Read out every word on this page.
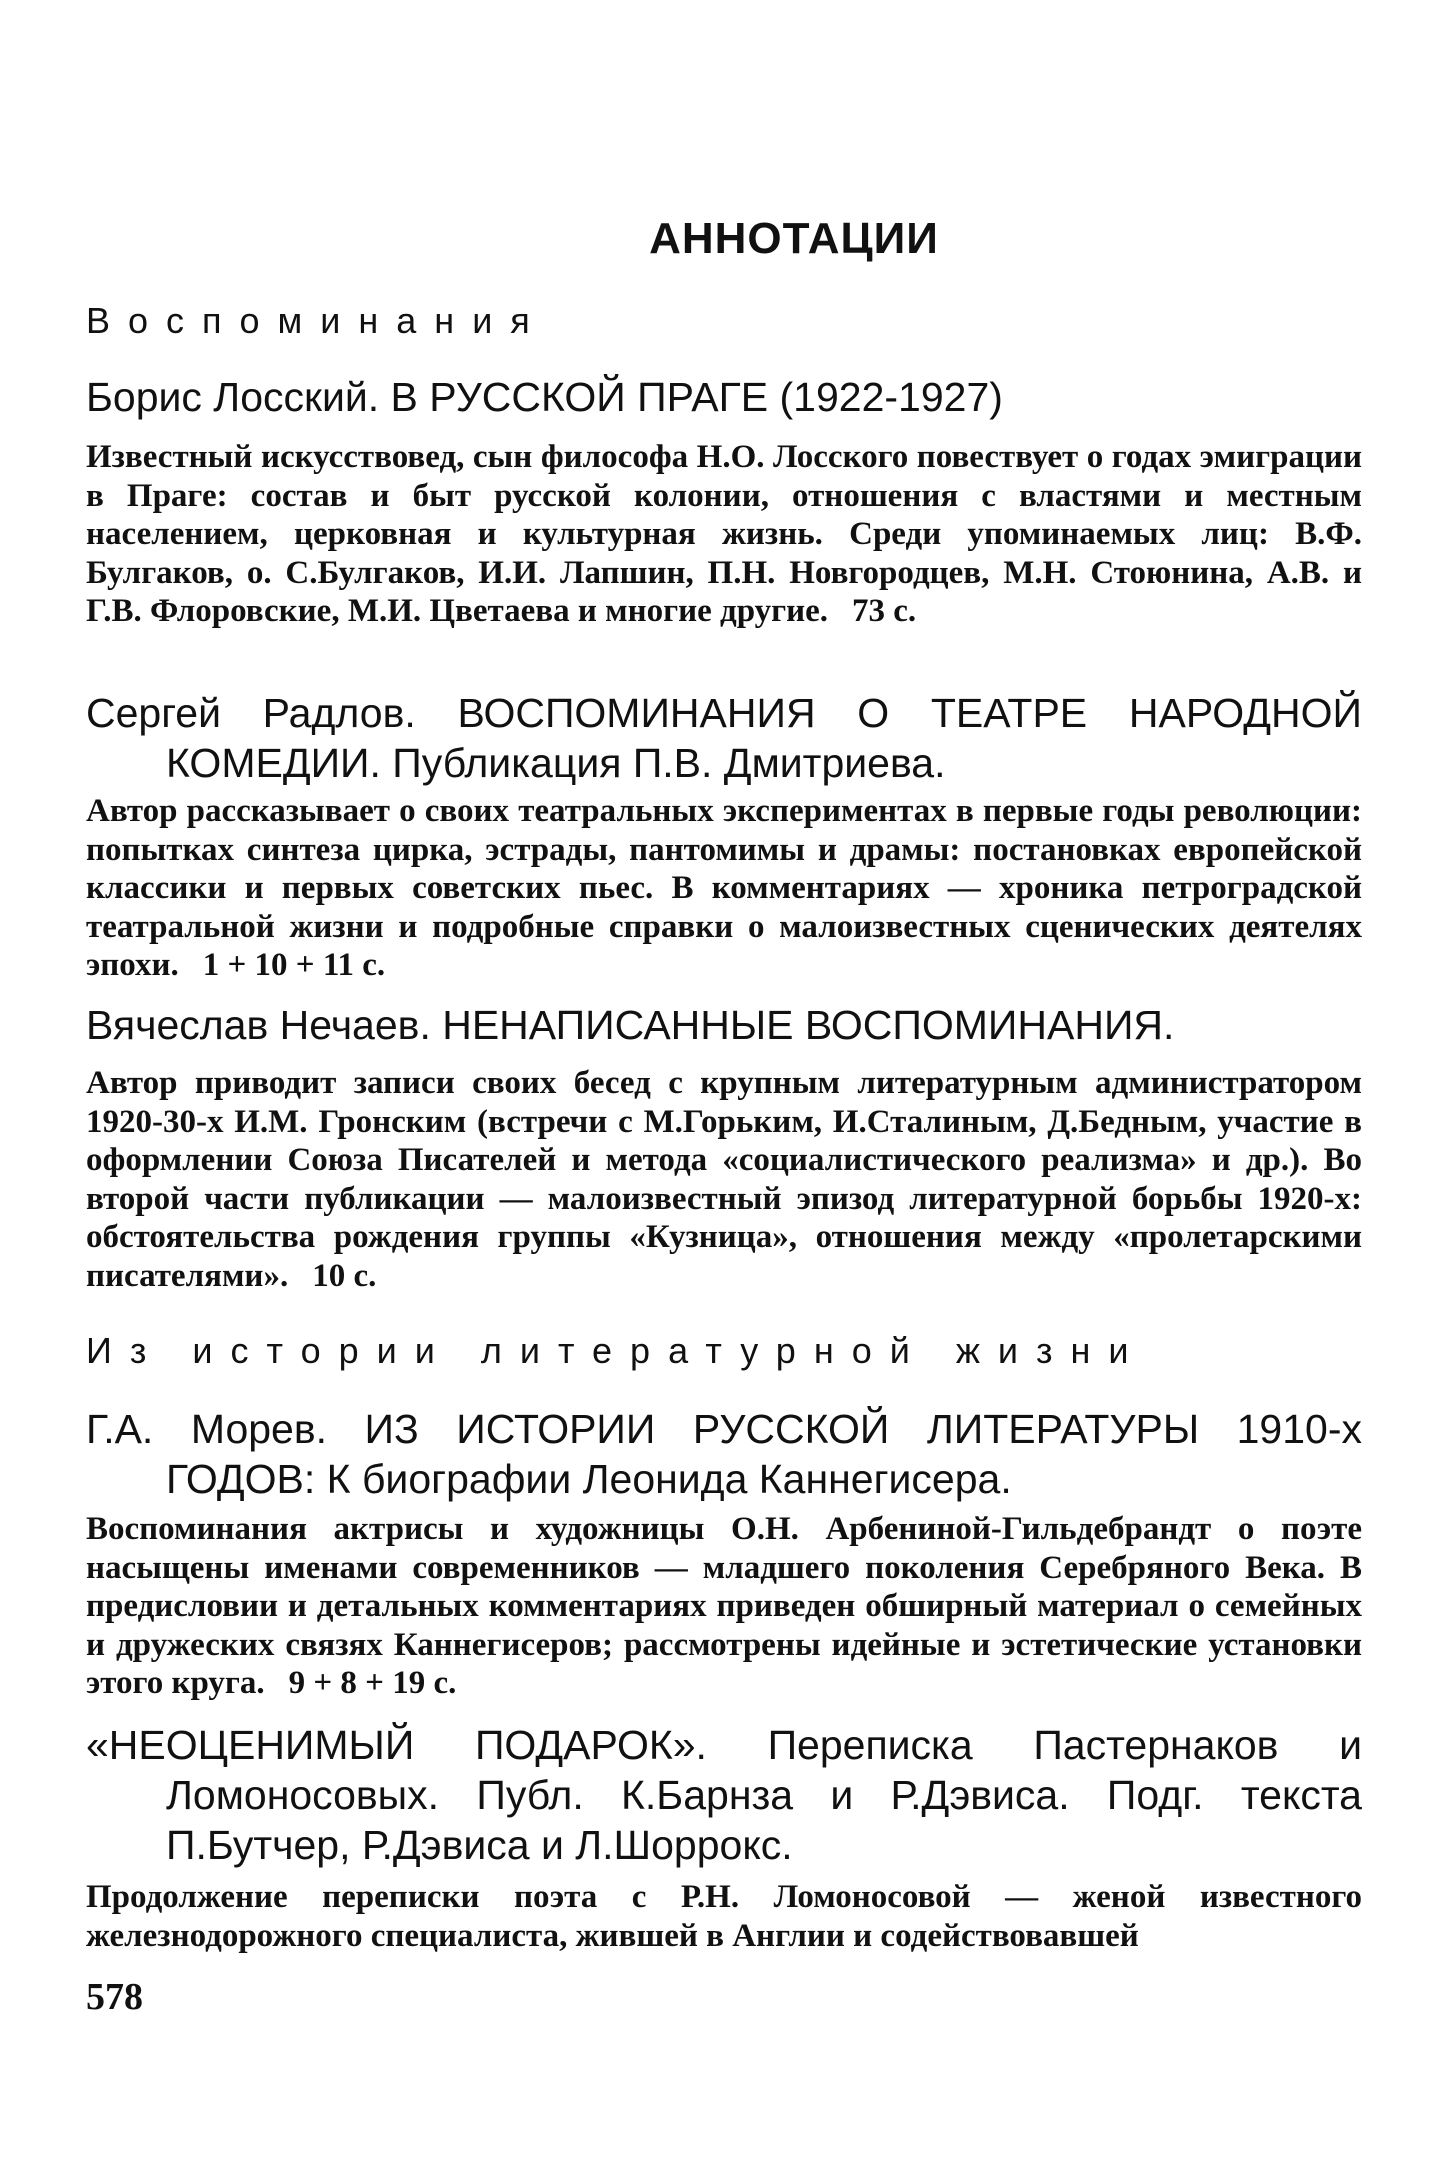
АННОТАЦИИ
Воспоминания
Борис Лосский. В РУССКОЙ ПРАГЕ (1922-1927)
Известный искусствовед, сын философа Н.О. Лосского повествует о годах эмиграции в Праге: состав и быт русской колонии, отношения с властями и местным населением, церковная и культурная жизнь. Среди упоминаемых лиц: В.Ф. Булгаков, о. С.Булгаков, И.И. Лапшин, П.Н. Новгородцев, М.Н. Стоюнина, А.В. и Г.В. Флоровские, М.И. Цветаева и многие другие. 73 с.
Сергей Радлов. ВОСПОМИНАНИЯ О ТЕАТРЕ НАРОДНОЙ КОМЕДИИ. Публикация П.В. Дмитриева.
Автор рассказывает о своих театральных экспериментах в первые годы революции: попытках синтеза цирка, эстрады, пантомимы и драмы: постановках европейской классики и первых советских пьес. В комментариях — хроника петроградской театральной жизни и подробные справки о малоизвестных сценических деятелях эпохи. 1 + 10 + 11 с.
Вячеслав Нечаев. НЕНАПИСАННЫЕ ВОСПОМИНАНИЯ.
Автор приводит записи своих бесед с крупным литературным администратором 1920-30-х И.М. Гронским (встречи с М.Горьким, И.Сталиным, Д.Бедным, участие в оформлении Союза Писателей и метода «социалистического реализма» и др.). Во второй части публикации — малоизвестный эпизод литературной борьбы 1920-х: обстоятельства рождения группы «Кузница», отношения между «пролетарскими писателями». 10 с.
Из истории литературной жизни
Г.А. Морев. ИЗ ИСТОРИИ РУССКОЙ ЛИТЕРАТУРЫ 1910-х ГОДОВ: К биографии Леонида Каннегисера.
Воспоминания актрисы и художницы О.Н. Арбениной-Гильдебрандт о поэте насыщены именами современников — младшего поколения Серебряного Века. В предисловии и детальных комментариях приведен обширный материал о семейных и дружеских связях Каннегисеров; рассмотрены идейные и эстетические установки этого круга. 9 + 8 + 19 с.
«НЕОЦЕНИМЫЙ ПОДАРОК». Переписка Пастернаков и Ломоносовых. Публ. К.Барнза и Р.Дэвиса. Подг. текста П.Бутчер, Р.Дэвиса и Л.Шоррокс.
Продолжение переписки поэта с Р.Н. Ломоносовой — женой известного железнодорожного специалиста, жившей в Англии и содействовавшей
578
